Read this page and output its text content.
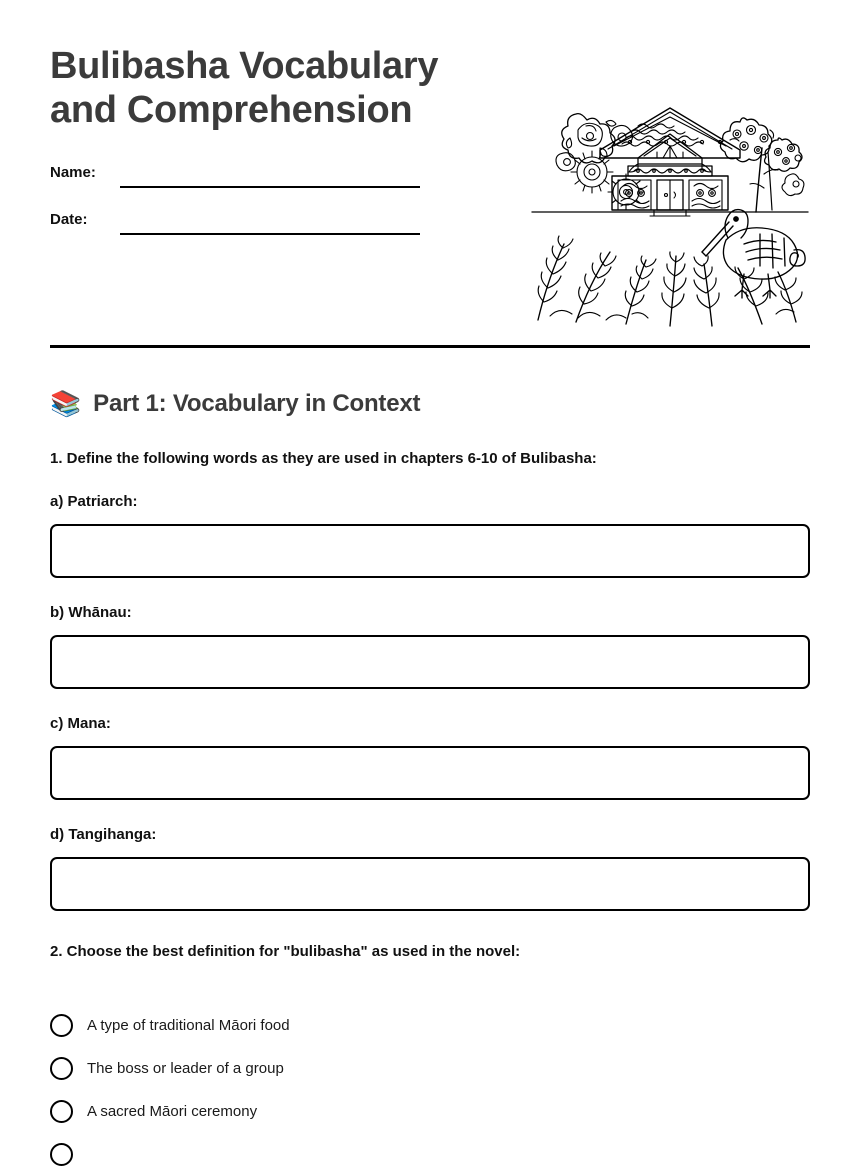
Bulibasha Vocabulary
and Comprehension
Name:
Date:
📚 Part 1: Vocabulary in Context
1. Define the following words as they are used in chapters 6-10 of Bulibasha:
a) Patriarch:
b) Whānau:
c) Mana:
d) Tangihanga:
2. Choose the best definition for "bulibasha" as used in the novel:
A type of traditional Māori food
The boss or leader of a group
A sacred Māori ceremony
